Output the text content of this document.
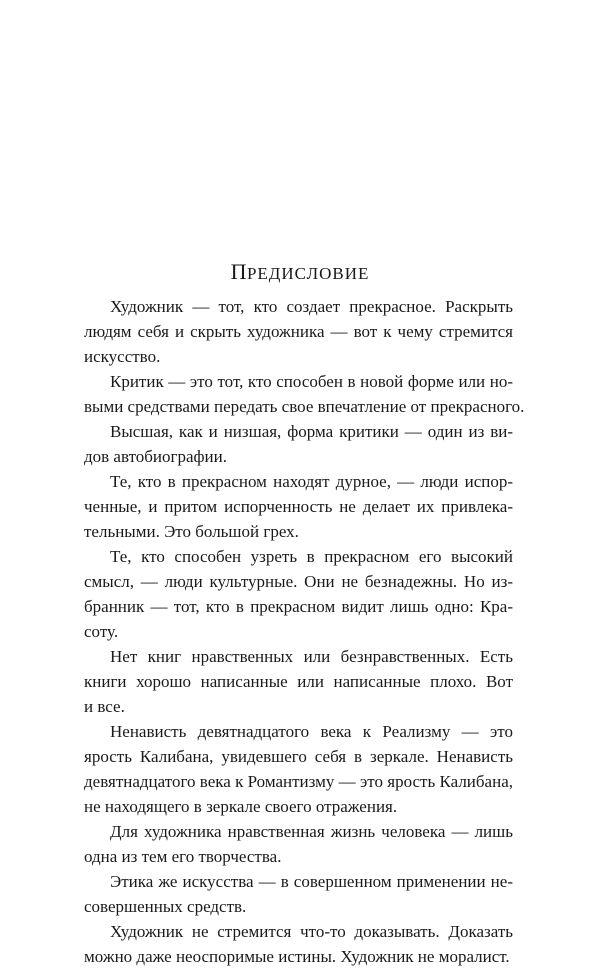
ПРЕДИСЛОВИЕ
Художник — тот, кто создает прекрасное. Раскрыть
людям себя и скрыть художника — вот к чему стремится
искусство.
Критик — это тот, кто способен в новой форме или но-
выми средствами передать свое впечатление от прекрасного.
Высшая, как и низшая, форма критики — один из ви-
дов автобиографии.
Те, кто в прекрасном находят дурное, — люди испор-
ченные, и притом испорченность не делает их привлека-
тельными. Это большой грех.
Те, кто способен узреть в прекрасном его высокий
смысл, — люди культурные. Они не безнадежны. Но из-
бранник — тот, кто в прекрасном видит лишь одно: Кра-
соту.
Нет книг нравственных или безнравственных. Есть
книги хорошо написанные или написанные плохо. Вот
и все.
Ненависть девятнадцатого века к Реализму — это
ярость Калибана, увидевшего себя в зеркале. Ненависть
девятнадцатого века к Романтизму — это ярость Калибана,
не находящего в зеркале своего отражения.
Для художника нравственная жизнь человека — лишь
одна из тем его творчества.
Этика же искусства — в совершенном применении не-
совершенных средств.
Художник не стремится что-то доказывать. Доказать
можно даже неоспоримые истины. Художник не моралист.
